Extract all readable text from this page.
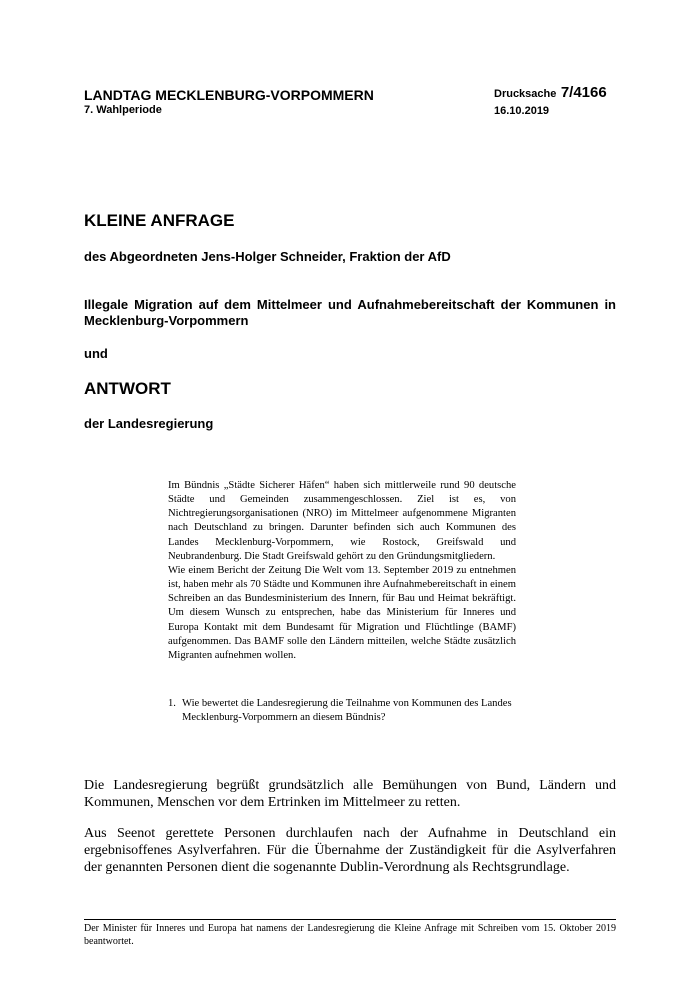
LANDTAG MECKLENBURG-VORPOMMERN
7. Wahlperiode
Drucksache 7/4166
16.10.2019
KLEINE ANFRAGE
des Abgeordneten Jens-Holger Schneider, Fraktion der AfD
Illegale Migration auf dem Mittelmeer und Aufnahmebereitschaft der Kommunen in Mecklenburg-Vorpommern
und
ANTWORT
der Landesregierung

Im Bündnis „Städte Sicherer Häfen“ haben sich mittlerweile rund 90 deutsche Städte und Gemeinden zusammengeschlossen. Ziel ist es, von Nichtregierungsorganisationen (NRO) im Mittelmeer aufgenommene Migranten nach Deutschland zu bringen. Darunter befinden sich auch Kommunen des Landes Mecklenburg-Vorpommern, wie Rostock, Greifswald und Neubrandenburg. Die Stadt Greifswald gehört zu den Gründungsmitgliedern.

Wie einem Bericht der Zeitung Die Welt vom 13. September 2019 zu entnehmen ist, haben mehr als 70 Städte und Kommunen ihre Aufnahmebereitschaft in einem Schreiben an das Bundesministerium des Innern, für Bau und Heimat bekräftigt. Um diesem Wunsch zu entsprechen, habe das Ministerium für Inneres und Europa Kontakt mit dem Bundesamt für Migration und Flüchtlinge (BAMF) aufgenommen. Das BAMF solle den Ländern mitteilen, welche Städte zusätzlich Migranten aufnehmen wollen.

1. Wie bewertet die Landesregierung die Teilnahme von Kommunen des Landes Mecklenburg-Vorpommern an diesem Bündnis?
Die Landesregierung begrüßt grundsätzlich alle Bemühungen von Bund, Ländern und Kommunen, Menschen vor dem Ertrinken im Mittelmeer zu retten.
Aus Seenot gerettete Personen durchlaufen nach der Aufnahme in Deutschland ein ergebnisoffenes Asylverfahren. Für die Übernahme der Zuständigkeit für die Asylverfahren der genannten Personen dient die sogenannte Dublin-Verordnung als Rechtsgrundlage.
Der Minister für Inneres und Europa hat namens der Landesregierung die Kleine Anfrage mit Schreiben vom 15. Oktober 2019 beantwortet.
